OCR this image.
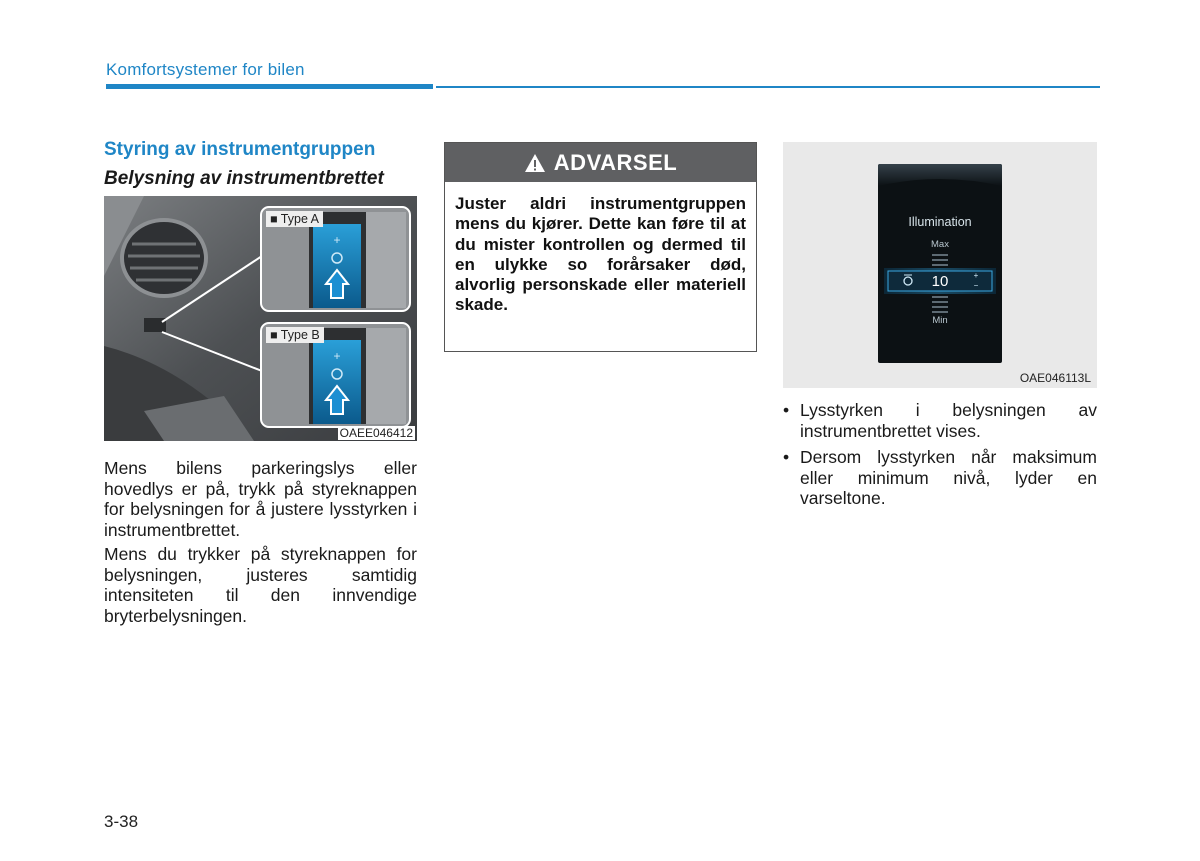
Komfortsystemer for bilen
Styring av instrumentgruppen
Belysning av instrumentbrettet
+
+
■ Type A
■ Type B
OAEE046412
Mens bilens parkeringslys eller hovedlys er på, trykk på styreknappen for belysningen for å justere lysstyrken i instrumentbrettet.
Mens du trykker på styreknappen for belysningen, justeres samtidig intensiteten til den innvendige bryterbelysningen.
ADVARSEL
Juster aldri instrumentgruppen mens du kjører. Dette kan føre til at du mister kontrollen og dermed til en ulykke so forårsaker død, alvorlig personskade eller materiell skade.
+
−
Illumination
Max
10
Min
OAE046113L
• Lysstyrken i belysningen av instrumentbrettet vises.
• Dersom lysstyrken når maksimum eller minimum nivå, lyder en varseltone.
3-38
